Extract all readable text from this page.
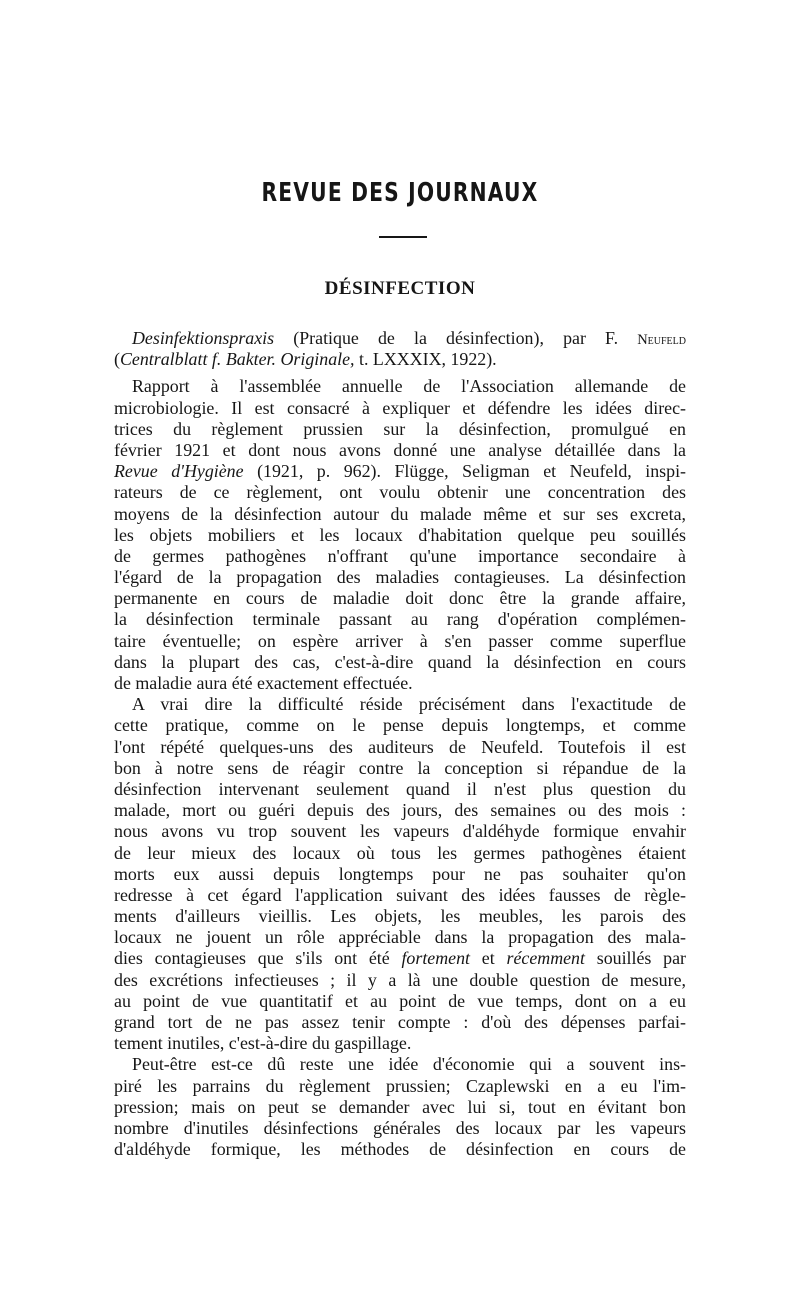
REVUE DES JOURNAUX
DÉSINFECTION
Desinfektionspraxis (Pratique de la désinfection), par F. Neufeld
(Centralblatt f. Bakter. Originale, t. LXXXIX, 1922).
Rapport à l'assemblée annuelle de l'Association allemande de
microbiologie. Il est consacré à expliquer et défendre les idées direc-
trices du règlement prussien sur la désinfection, promulgué en
février 1921 et dont nous avons donné une analyse détaillée dans la
Revue d'Hygiène (1921, p. 962). Flügge, Seligman et Neufeld, inspi-
rateurs de ce règlement, ont voulu obtenir une concentration des
moyens de la désinfection autour du malade même et sur ses excreta,
les objets mobiliers et les locaux d'habitation quelque peu souillés
de germes pathogènes n'offrant qu'une importance secondaire à
l'égard de la propagation des maladies contagieuses. La désinfection
permanente en cours de maladie doit donc être la grande affaire,
la désinfection terminale passant au rang d'opération complémen-
taire éventuelle; on espère arriver à s'en passer comme superflue
dans la plupart des cas, c'est-à-dire quand la désinfection en cours
de maladie aura été exactement effectuée.
A vrai dire la difficulté réside précisément dans l'exactitude de
cette pratique, comme on le pense depuis longtemps, et comme
l'ont répété quelques-uns des auditeurs de Neufeld. Toutefois il est
bon à notre sens de réagir contre la conception si répandue de la
désinfection intervenant seulement quand il n'est plus question du
malade, mort ou guéri depuis des jours, des semaines ou des mois :
nous avons vu trop souvent les vapeurs d'aldéhyde formique envahir
de leur mieux des locaux où tous les germes pathogènes étaient
morts eux aussi depuis longtemps pour ne pas souhaiter qu'on
redresse à cet égard l'application suivant des idées fausses de règle-
ments d'ailleurs vieillis. Les objets, les meubles, les parois des
locaux ne jouent un rôle appréciable dans la propagation des mala-
dies contagieuses que s'ils ont été fortement et récemment souillés par
des excrétions infectieuses ; il y a là une double question de mesure,
au point de vue quantitatif et au point de vue temps, dont on a eu
grand tort de ne pas assez tenir compte : d'où des dépenses parfai-
tement inutiles, c'est-à-dire du gaspillage.
Peut-être est-ce dû reste une idée d'économie qui a souvent ins-
piré les parrains du règlement prussien; Czaplewski en a eu l'im-
pression; mais on peut se demander avec lui si, tout en évitant bon
nombre d'inutiles désinfections générales des locaux par les vapeurs
d'aldéhyde formique, les méthodes de désinfection en cours de
